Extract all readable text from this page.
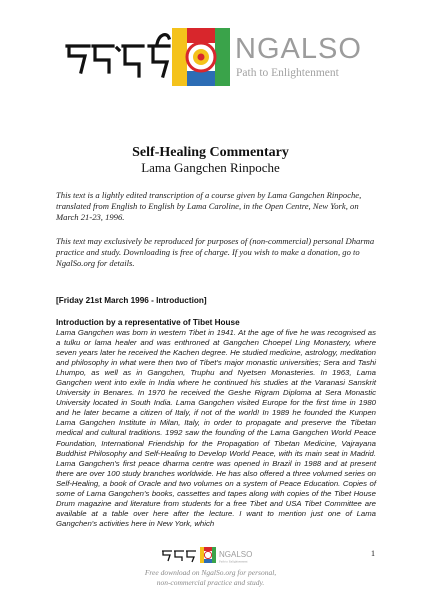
NGALSO
Path to Enlightenment
Self-Healing Commentary
Lama Gangchen Rinpoche
This text is a lightly edited transcription of a course given by Lama Gangchen Rinpoche, translated from English to English by Lama Caroline, in the Open Centre, New York, on March 21-23, 1996.
This text may exclusively be reproduced for purposes of (non-commercial) personal Dharma practice and study. Downloading is free of charge. If you wish to make a donation, go to NgalSo.org for details.
[Friday 21st March 1996 - Introduction]
Introduction by a representative of Tibet House
Lama Gangchen was born in western Tibet in 1941. At the age of five he was recognised as a tulku or lama healer and was enthroned at Gangchen Choepel Ling Monastery, where seven years later he received the Kachen degree. He studied medicine, astrology, meditation and philosophy in what were then two of Tibet's major monastic universities; Sera and Tashi Lhumpo, as well as in Gangchen, Truphu and Nyetsen Monasteries. In 1963, Lama Gangchen went into exile in India where he continued his studies at the Varanasi Sanskrit University in Benares. In 1970 he received the Geshe Rigram Diploma at Sera Monastic University located in South India. Lama Gangchen visited Europe for the first time in 1980 and he later became a citizen of Italy, if not of the world! In 1989 he founded the Kunpen Lama Gangchen Institute in Milan, Italy, in order to propagate and preserve the Tibetan medical and cultural traditions. 1992 saw the founding of the Lama Gangchen World Peace Foundation, International Friendship for the Propagation of Tibetan Medicine, Vajrayana Buddhist Philosophy and Self-Healing to Develop World Peace, with its main seat in Madrid. Lama Gangchen's first peace dharma centre was opened in Brazil in 1988 and at present there are over 100 study branches worldwide. He has also offered a three volumed series on Self-Healing, a book of Oracle and two volumes on a system of Peace Education. Copies of some of Lama Gangchen's books, cassettes and tapes along with copies of the Tibet House Drum magazine and literature from students for a free Tibet and USA Tibet Committee are available at a table over here after the lecture. I want to mention just one of Lama Gangchen's activities here in New York, which
NGALSO
Path to Enlightenment
1
Free download on NgalSo.org for personal,
non-commercial practice and study.
